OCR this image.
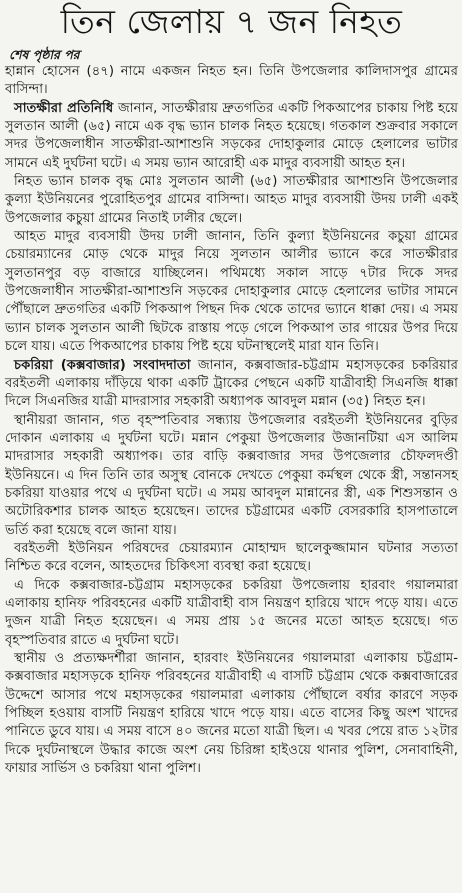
তিন জেলায় ৭ জন নিহত
শেষ পৃষ্ঠার পর

হান্নান হোসেন (৪৭) নামে একজন নিহত হন। তিনি উপজেলার কালিদাসপুর গ্রামের বাসিন্দা।

সাতক্ষীরা প্রতিনিধি জানান, সাতক্ষীরায় দ্রুতগতির একটি পিকআপের চাকায় পিষ্ট হয়ে সুলতান আলী (৬৫) নামে এক বৃদ্ধ ভ্যান চালক নিহত হয়েছে। গতকাল শুক্রবার সকালে সদর উপজেলাধীন সাতক্ষীরা-আশাশুনি সড়কের দোহাকুলার মোড়ে হেলালের ভাটার সামনে এই দুর্ঘটনা ঘটে। এ সময় ভ্যান আরোহী এক মাদুর ব্যবসায়ী আহত হন।

নিহত ভ্যান চালক বৃদ্ধ মোঃ সুলতান আলী (৬৫) সাতক্ষীরার আশাশুনি উপজেলার কুল্যা ইউনিয়নের পুরোহিতপুর গ্রামের বাসিন্দা। আহত মাদুর ব্যবসায়ী উদয় ঢালী একই উপজেলার কচুয়া গ্রামের নিতাই ঢালীর ছেলে।

আহত মাদুর ব্যবসায়ী উদয় ঢালী জানান, তিনি কুল্যা ইউনিয়নের কচুয়া গ্রামের চেয়ারম্যানের মোড় থেকে মাদুর নিয়ে সুলতান আলীর ভ্যানে করে সাতক্ষীরার সুলতানপুর বড় বাজারে যাচ্ছিলেন। পথিমধ্যে সকাল সাড়ে ৭টার দিকে সদর উপজেলাধীন সাতক্ষীরা-আশাশুনি সড়কের দোহাকুলার মোড়ে হেলালের ভাটার সামনে পৌঁছালে দ্রুতগতির একটি পিকআপ পিছন দিক থেকে তাদের ভ্যানে ধাক্কা দেয়। এ সময় ভ্যান চালক সুলতান আলী ছিটকে রাস্তায় পড়ে গেলে পিকআপ তার গায়ের উপর দিয়ে চলে যায়। এতে পিকআপের চাকায় পিষ্ট হয়ে ঘটনাস্থলেই মারা যান তিনি।

চকরিয়া (কক্সবাজার) সংবাদদাতা জানান, কক্সবাজার-চট্টগ্রাম মহাসড়কের চকরিয়ার বরইতলী এলাকায় দাঁড়িয়ে থাকা একটি ট্রাকের পেছনে একটি যাত্রীবাহী সিএনজি ধাক্কা দিলে সিএনজির যাত্রী মাদরাসার সহকারী অধ্যাপক আবদুল মন্নান (৩৫) নিহত হন।

স্থানীয়রা জানান, গত বৃহস্পতিবার সন্ধ্যায় উপজেলার বরইতলী ইউনিয়নের বুড়ির দোকান এলাকায় এ দুর্ঘটনা ঘটে। মন্নান পেকুয়া উপজেলার উজানটিয়া এস আলিম মাদরাসার সহকারী অধ্যাপক। তার বাড়ি কক্সবাজার সদর উপজেলার চৌফলদণ্ডী ইউনিয়নে। এ দিন তিনি তার অসুস্থ বোনকে দেখতে পেকুয়া কর্মস্থল থেকে স্ত্রী, সন্তানসহ চকরিয়া যাওয়ার পথে এ দুর্ঘটনা ঘটে। এ সময় আবদুল মান্নানের স্ত্রী, এক শিশুসন্তান ও অটোরিকশার চালক আহত হয়েছেন। তাদের চট্টগ্রামের একটি বেসরকারি হাসপাতালে ভর্তি করা হয়েছে বলে জানা যায়।

বরইতলী ইউনিয়ন পরিষদের চেয়ারম্যান মোহাম্মদ ছালেকুজ্জামান ঘটনার সত্যতা নিশ্চিত করে বলেন, আহতদের চিকিৎসা ব্যবস্থা করা হয়েছে।

এ দিকে কক্সবাজার-চট্টগ্রাম মহাসড়কের চকরিয়া উপজেলায় হারবাং গয়ালমারা এলাকায় হানিফ পরিবহনের একটি যাত্রীবাহী বাস নিয়ন্ত্রণ হারিয়ে খাদে পড়ে যায়। এতে দুজন যাত্রী নিহত হয়েছেন। এ সময় প্রায় ১৫ জনের মতো আহত হয়েছে। গত বৃহস্পতিবার রাতে এ দুর্ঘটনা ঘটে।

স্থানীয় ও প্রত্যক্ষদর্শীরা জানান, হারবাং ইউনিয়নের গয়ালমারা এলাকায় চট্টগ্রাম-কক্সবাজার মহাসড়কে হানিফ পরিবহনের যাত্রীবাহী এ বাসটি চট্টগ্রাম থেকে কক্সবাজারের উদ্দেশে আসার পথে মহাসড়কের গয়ালমারা এলাকায় পৌঁছালে বর্ষার কারণে সড়ক পিচ্ছিল হওয়ায় বাসটি নিয়ন্ত্রণ হারিয়ে খাদে পড়ে যায়। এতে বাসের কিছু অংশ খাদের পানিতে ডুবে যায়। এ সময় বাসে ৪০ জনের মতো যাত্রী ছিল। এ খবর পেয়ে রাত ১২টার দিকে দুর্ঘটনাস্থলে উদ্ধার কাজে অংশ নেয় চিরিঙ্গা হাইওয়ে থানার পুলিশ, সেনাবাহিনী, ফায়ার সার্ভিস ও চকরিয়া থানা পুলিশ।
